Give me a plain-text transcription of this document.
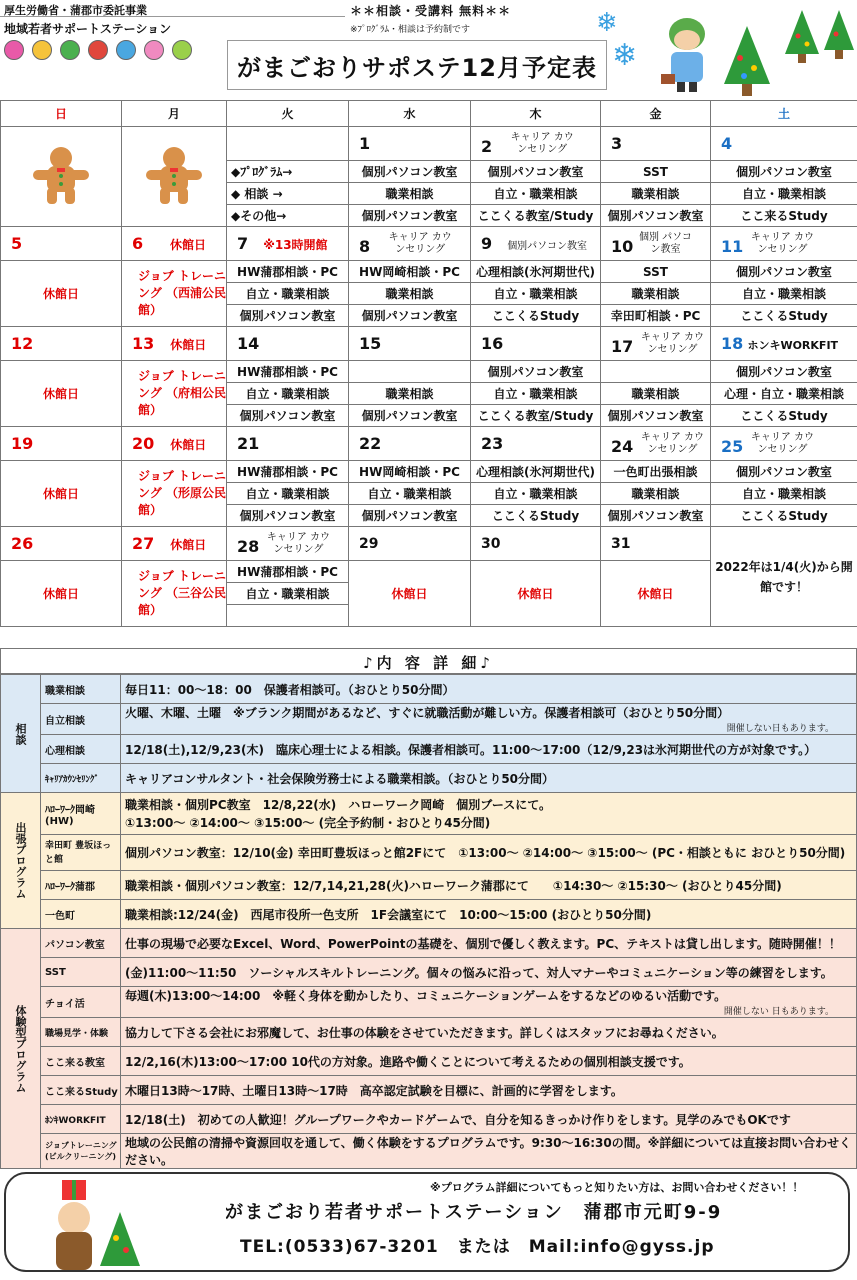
厚生労働省・蒲郡市委託事業
地域若者サポートステーション
＊＊相談・受講料 無料＊＊
※ﾌﾟﾛｸﾞﾗﾑ・相談は予約制です
がまごおりサポステ12月予定表
❄
❄
日	月	火	水	木	金	土
			1	2 キャリア カウンセリング	3	4
		◆ﾌﾟﾛｸﾞﾗﾑ→	個別パソコン教室	個別パソコン教室	SST	個別パソコン教室
		◆ 相談 →	職業相談	自立・職業相談	職業相談	自立・職業相談
		◆その他→	個別パソコン教室	ここくる教室/Study	個別パソコン教室	ここ来るStudy
5	6 休館日	7 ※13時開館	8 キャリア カウンセリング	9 個別パソコン教室	10 個別 パソコン教室	11 キャリア カウンセリング
休館日	ジョブ トレーニング （西浦公民館）	HW蒲郡相談・PC	HW岡崎相談・PC	心理相談(氷河期世代)	SST	個別パソコン教室
		自立・職業相談	職業相談	自立・職業相談	職業相談	自立・職業相談
		個別パソコン教室	個別パソコン教室	ここくるStudy	幸田町相談・PC	ここくるStudy
12	13 休館日	14	15	16	17 キャリア カウンセリング	18 ホンキWORKFIT
休館日	ジョブ トレーニング （府相公民館）	HW蒲郡相談・PC		個別パソコン教室		個別パソコン教室
		自立・職業相談	職業相談	自立・職業相談	職業相談	心理・自立・職業相談
		個別パソコン教室	個別パソコン教室	ここくる教室/Study	個別パソコン教室	ここくるStudy
19	20 休館日	21	22	23	24 キャリア カウンセリング	25 キャリア カウンセリング
休館日	ジョブ トレーニング （形原公民館）	HW蒲郡相談・PC	HW岡崎相談・PC	心理相談(氷河期世代)	一色町出張相談	個別パソコン教室
		自立・職業相談	自立・職業相談	自立・職業相談	職業相談	自立・職業相談
		個別パソコン教室	個別パソコン教室	ここくるStudy	個別パソコン教室	ここくるStudy
26	27 休館日	28 キャリア カウンセリング	29	30	31	2022年は1/4(火)から開館です！
休館日	ジョブ トレーニング （三谷公民館）	HW蒲郡相談・PC	休館日	休館日	休館日	
		自立・職業相談				

♪内 容 詳 細♪
相談	職業相談	毎日11：00～18：00　保護者相談可。（おひとり50分間）
	自立相談	火曜、木曜、土曜　※ブランク期間があるなど、すぐに就職活動が難しい方。保護者相談可（おひとり50分間）
開催しない日もあります。

	心理相談	12/18(土),12/9,23(木)　臨床心理士による相談。保護者相談可。11:00～17:00（12/9,23は氷河期世代の方が対象です。）
	ｷｬﾘｱｶｳﾝｾﾘﾝｸﾞ	キャリアコンサルタント・社会保険労務士による職業相談。（おひとり50分間）
出張プログラム	ﾊﾛｰﾜｰｸ岡崎 (HW)	職業相談・個別PC教室　12/8,22(水)　ハローワーク岡崎　個別ブースにて。
①13:00～ ②14:00～ ③15:00～ (完全予約制・おひとり45分間)

	幸田町 豊坂ほっと館	個別パソコン教室：12/10(金) 幸田町豊坂ほっと館2Fにて　①13:00～ ②14:00～ ③15:00～ (PC・相談ともに おひとり50分間)
	ﾊﾛｰﾜｰｸ蒲郡	職業相談・個別パソコン教室：12/7,14,21,28(火)ハローワーク蒲郡にて　　①14:30～ ②15:30～ (おひとり45分間)
	一色町	職業相談:12/24(金)　西尾市役所一色支所　1F会議室にて　10:00～15:00 (おひとり50分間)
体験型プログラム	パソコン教室	仕事の現場で必要なExcel、Word、PowerPointの基礎を、個別で優しく教えます。PC、テキストは貸し出します。随時開催！！
	SST	(金)11:00～11:50　ソーシャルスキルトレーニング。個々の悩みに沿って、対人マナーやコミュニケーション等の練習をします。
	チョイ活	毎週(木)13:00～14:00　※軽く身体を動かしたり、コミュニケーションゲームをするなどのゆるい活動です。
開催しない 日もあります。

	職場見学・体験	協力して下さる会社にお邪魔して、お仕事の体験をさせていただきます。詳しくはスタッフにお尋ねください。
	ここ来る教室	12/2,16(木)13:00～17:00 10代の方対象。進路や働くことについて考えるための個別相談支援です。
	ここ来るStudy	木曜日13時～17時、土曜日13時～17時　高卒認定試験を目標に、計画的に学習をします。
	ﾎﾝｷWORKFIT	12/18(土)　初めての人歓迎！グループワークやカードゲームで、自分を知るきっかけ作りをします。見学のみでもOKです
	ジョブトレーニング (ビルクリーニング)	地域の公民館の清掃や資源回収を通して、働く体験をするプログラムです。9:30～16:30の間。※詳細については直接お問い合わせください。
※プログラム詳細についてもっと知りたい方は、お問い合わせください！！
がまごおり若者サポートステーション　蒲郡市元町9-9
TEL:(0533)67-3201　または　Mail:info@gyss.jp
